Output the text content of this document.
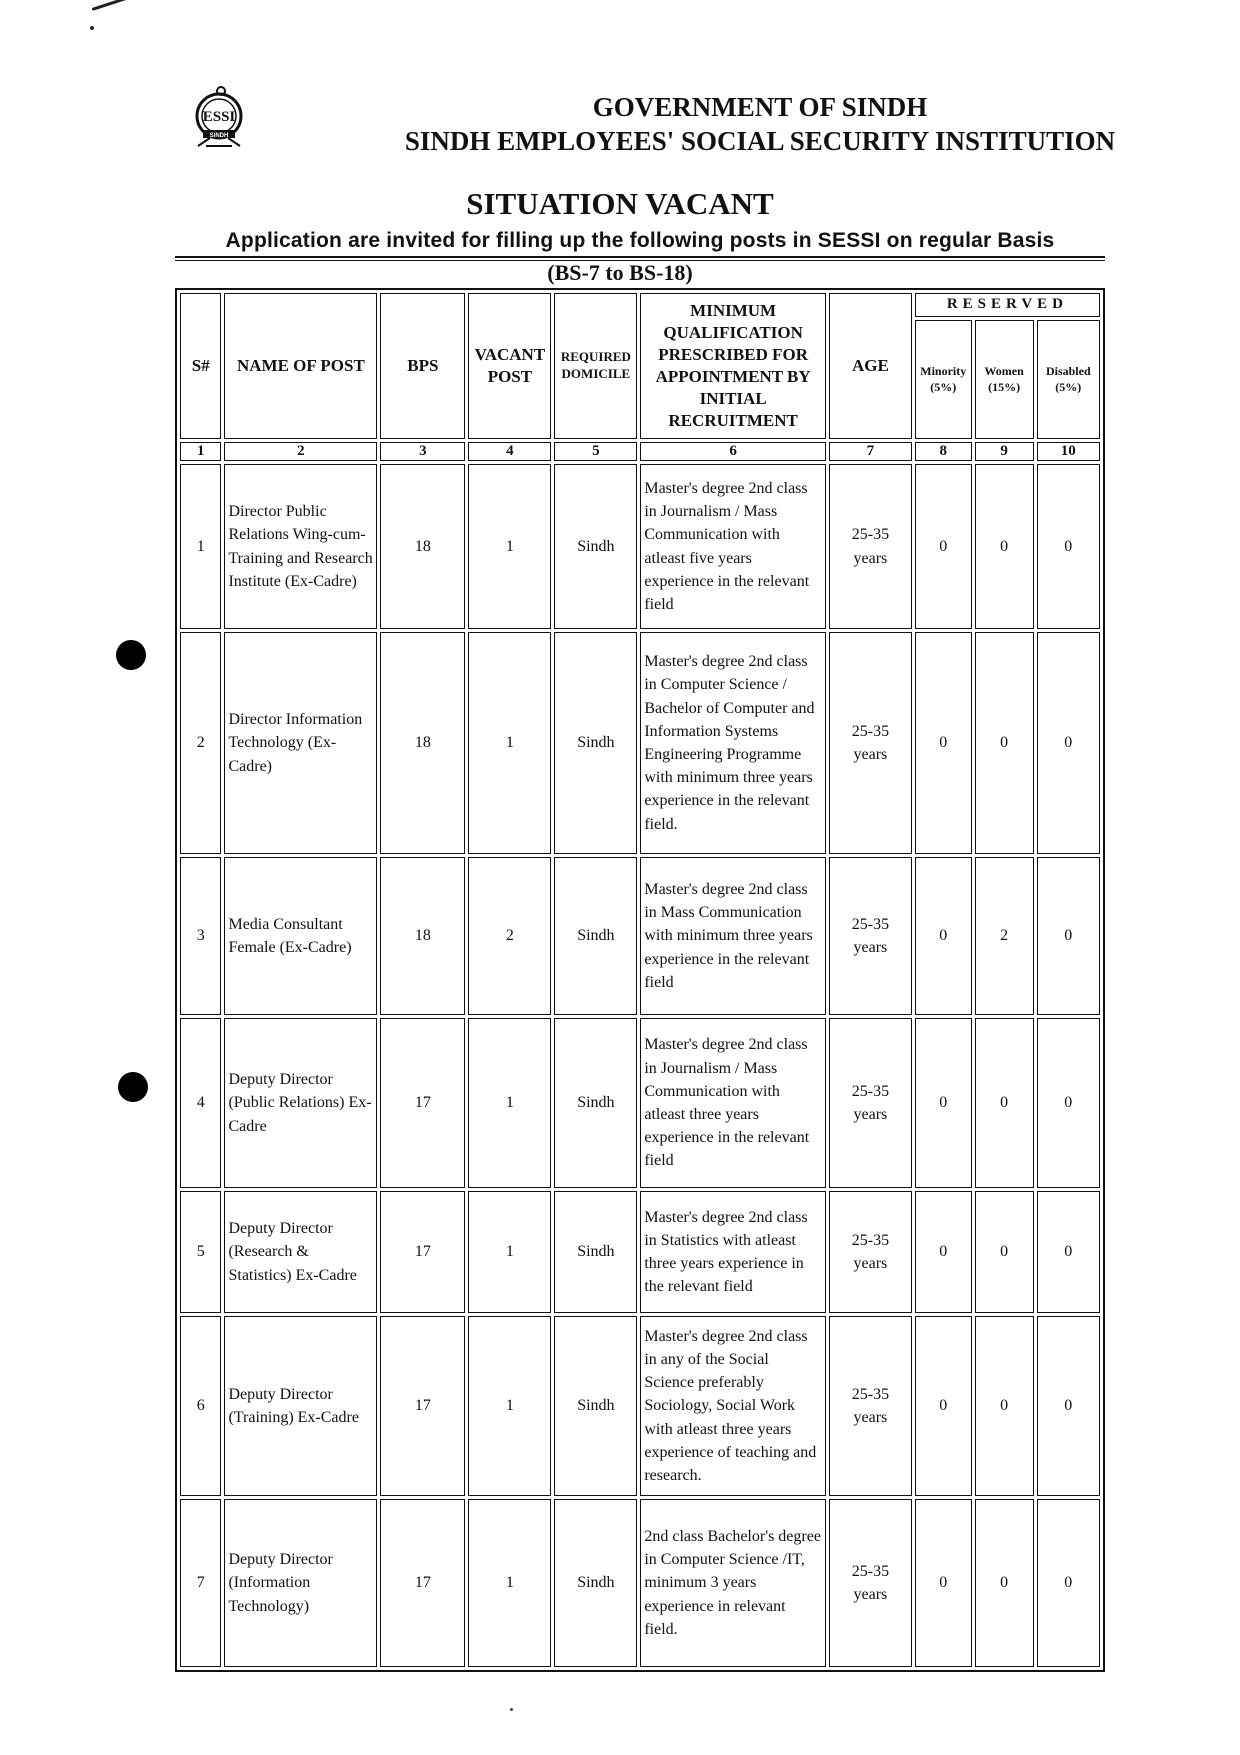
ESSI
SINDH
GOVERNMENT OF SINDH
SINDH EMPLOYEES' SOCIAL SECURITY INSTITUTION
SITUATION VACANT
Application are invited for filling up the following posts in SESSI on regular Basis
(BS-7 to BS-18)
S#	NAME OF POST	BPS	VACANT POST	REQUIRED DOMICILE	MINIMUM QUALIFICATION PRESCRIBED FOR APPOINTMENT BY INITIAL RECRUITMENT	AGE	RESERVED		
							Minority (5%)	Women (15%)	Disabled (5%)
1	2	3	4	5	6	7	8	9	10
1	Director Public Relations Wing-cum-Training and Research Institute (Ex-Cadre)	18	1	Sindh	Master's degree 2nd class in Journalism / Mass Communication with atleast five years experience in the relevant field	25-35 years	0	0	0
2	Director Information Technology (Ex-Cadre)	18	1	Sindh	Master's degree 2nd class in Computer Science / Bachelor of Computer and Information Systems Engineering Programme with minimum three years experience in the relevant field.	25-35 years	0	0	0
3	Media Consultant Female (Ex-Cadre)	18	2	Sindh	Master's degree 2nd class in Mass Communication with minimum three years experience in the relevant field	25-35 years	0	2	0
4	Deputy Director (Public Relations) Ex-Cadre	17	1	Sindh	Master's degree 2nd class in Journalism / Mass Communication with atleast three years experience in the relevant field	25-35 years	0	0	0
5	Deputy Director (Research & Statistics) Ex-Cadre	17	1	Sindh	Master's degree 2nd class in Statistics with atleast three years experience in the relevant field	25-35 years	0	0	0
6	Deputy Director (Training) Ex-Cadre	17	1	Sindh	Master's degree 2nd class in any of the Social Science preferably Sociology, Social Work with atleast three years experience of teaching and research.	25-35 years	0	0	0
7	Deputy Director (Information Technology)	17	1	Sindh	2nd class Bachelor's degree in Computer Science /IT, minimum 3 years experience in relevant field.	25-35 years	0	0	0
